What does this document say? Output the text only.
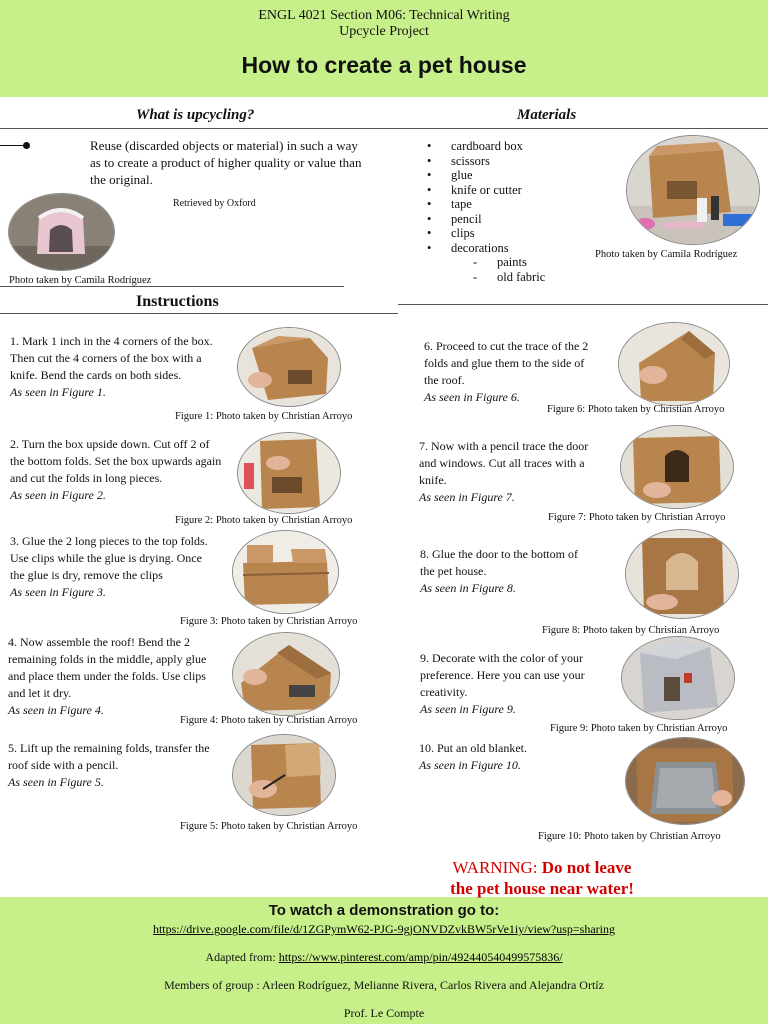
ENGL 4021 Section M06: Technical Writing
Upcycle Project
How to create a pet house
What is upcycling?
Reuse (discarded objects or material) in such a way as to create a product of higher quality or value than the original.
Retrieved by Oxford
Photo taken by Camila Rodríguez
Materials
• cardboard box
• scissors
• glue
• knife or cutter
• tape
• pencil
• clips
• decorations
- paints
- old fabric
Photo taken by Camila Rodríguez
Instructions
1. Mark 1 inch in the 4 corners of the box. Then cut the 4 corners of the box with a knife. Bend the cards on both sides.
As seen in Figure 1.
Figure 1: Photo taken by Christian Arroyo
2. Turn the box upside down. Cut off 2 of the bottom folds. Set the box upwards again and cut the folds in long pieces.
As seen in Figure 2.
Figure 2: Photo taken by Christian Arroyo
3. Glue the 2 long pieces to the top folds. Use clips while the glue is drying. Once the glue is dry, remove the clips
As seen in Figure 3.
Figure 3: Photo taken by Christian Arroyo
4. Now assemble the roof! Bend the 2 remaining folds in the middle, apply glue and place them under the folds. Use clips and let it dry.
As seen in Figure 4.
Figure 4: Photo taken by Christian Arroyo
5. Lift up the remaining folds, transfer the roof side with a pencil.
As seen in Figure 5.
Figure 5: Photo taken by Christian Arroyo
6. Proceed to cut the trace of the 2 folds and glue them to the side of the roof.
As seen in Figure 6.
Figure 6: Photo taken by Christian Arroyo
7. Now with a pencil trace the door and windows. Cut all traces with a knife.
As seen in Figure 7.
Figure 7: Photo taken by Christian Arroyo
8. Glue the door to the bottom of the pet house.
As seen in Figure 8.
Figure 8: Photo taken by Christian Arroyo
9. Decorate with the color of your preference. Here you can use your creativity.
As seen in Figure 9.
Figure 9: Photo taken by Christian Arroyo
10. Put an old blanket.
As seen in Figure 10.
Figure 10: Photo taken by Christian Arroyo
WARNING: Do not leave
the pet house near water!
To watch a demonstration go to:
https://drive.google.com/file/d/1ZGPymW62-PJG-9gjONVDZvkBW5rVe1iy/view?usp=sharing
Adapted from: https://www.pinterest.com/amp/pin/492440540499575836/
Members of group : Arleen Rodríguez, Melianne Rivera, Carlos Rivera and Alejandra Ortíz
Prof. Le Compte
